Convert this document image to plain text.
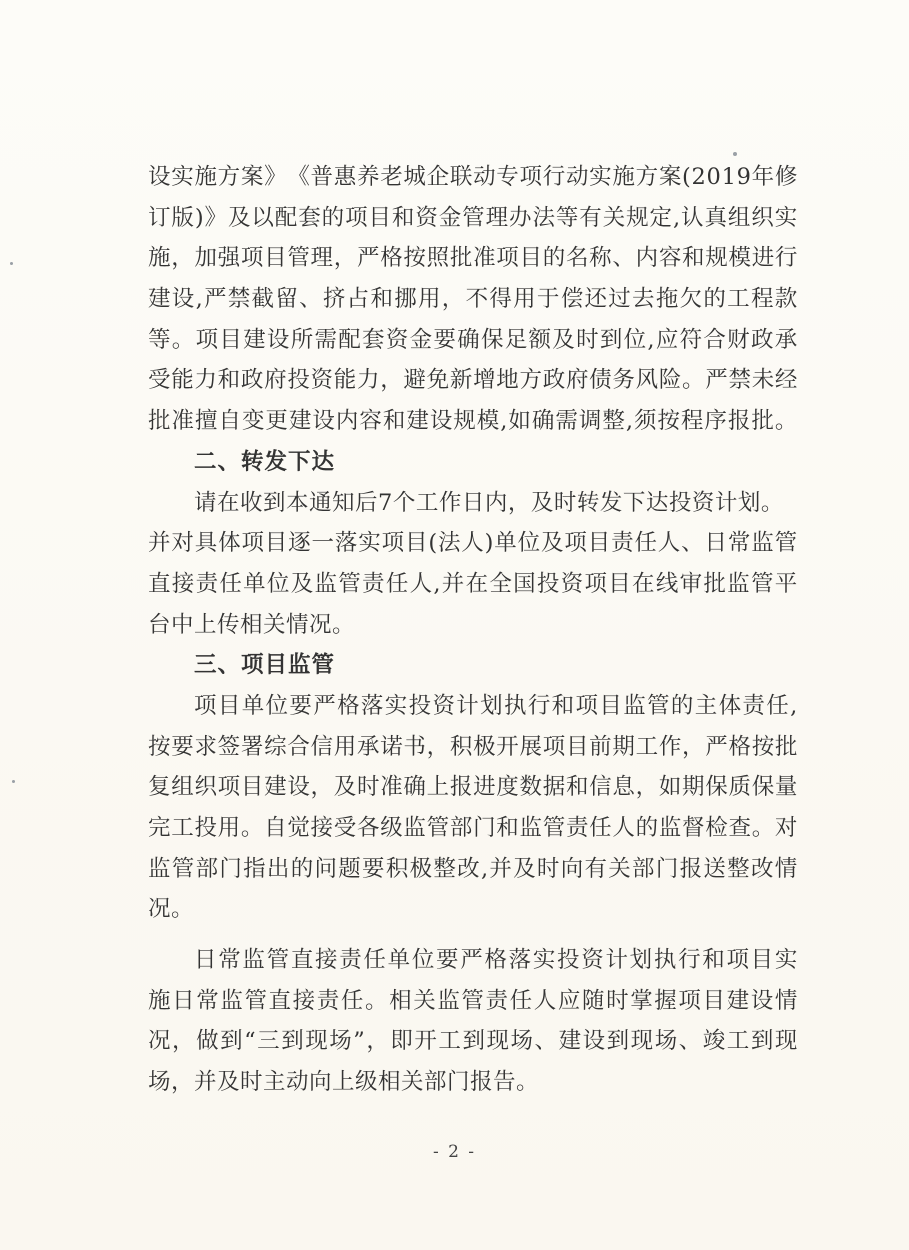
设 实 施 方 案 》 《 普 惠 养 老 城 企 联 动 专 项 行 动 实 施 方 案 ( 2 0 1 9 年 修
订 版 ) 》 及 以 配 套 的 项 目 和 资 金 管 理 办 法 等 有 关 规 定 , 认 真 组 织 实
施 ， 加 强 项 目 管 理 ， 严 格 按 照 批 准 项 目 的 名 称 、 内 容 和 规 模 进 行
建 设 , 严 禁 截 留 、 挤 占 和 挪 用 ， 不 得 用 于 偿 还 过 去 拖 欠 的 工 程 款
等 。 项 目 建 设 所 需 配 套 资 金 要 确 保 足 额 及 时 到 位 , 应 符 合 财 政 承
受 能 力 和 政 府 投 资 能 力 ， 避 免 新 增 地 方 政 府 债 务 风 险 。 严 禁 未 经
批 准 擅 自 变 更 建 设 内 容 和 建 设 规 模 , 如 确 需 调 整 , 须 按 程 序 报 批 。
二、转发下达
请在收到本通知后7个工作日内，及时转发下达投资计划。
并 对 具 体 项 目 逐 一 落 实 项 目 ( 法 人 ) 单 位 及 项 目 责 任 人 、 日 常 监 管
直 接 责 任 单 位 及 监 管 责 任 人 , 并 在 全 国 投 资 项 目 在 线 审 批 监 管 平
台中上传相关情况。
三、项目监管
项 目 单 位 要 严 格 落 实 投 资 计 划 执 行 和 项 目 监 管 的 主 体 责 任 ,
按 要 求 签 署 综 合 信 用 承 诺 书 ， 积 极 开 展 项 目 前 期 工 作 ， 严 格 按 批
复 组 织 项 目 建 设 ， 及 时 准 确 上 报 进 度 数 据 和 信 息 ， 如 期 保 质 保 量
完 工 投 用 。 自 觉 接 受 各 级 监 管 部 门 和 监 管 责 任 人 的 监 督 检 查 。 对
监 管 部 门 指 出 的 问 题 要 积 极 整 改 , 并 及 时 向 有 关 部 门 报 送 整 改 情
况。
日 常 监 管 直 接 责 任 单 位 要 严 格 落 实 投 资 计 划 执 行 和 项 目 实
施 日 常 监 管 直 接 责 任 。 相 关 监 管 责 任 人 应 随 时 掌 握 项 目 建 设 情
况 ， 做 到 “ 三 到 现 场 ” ， 即 开 工 到 现 场 、 建 设 到 现 场 、 竣 工 到 现
场，并及时主动向上级相关部门报告。
- 2 -
